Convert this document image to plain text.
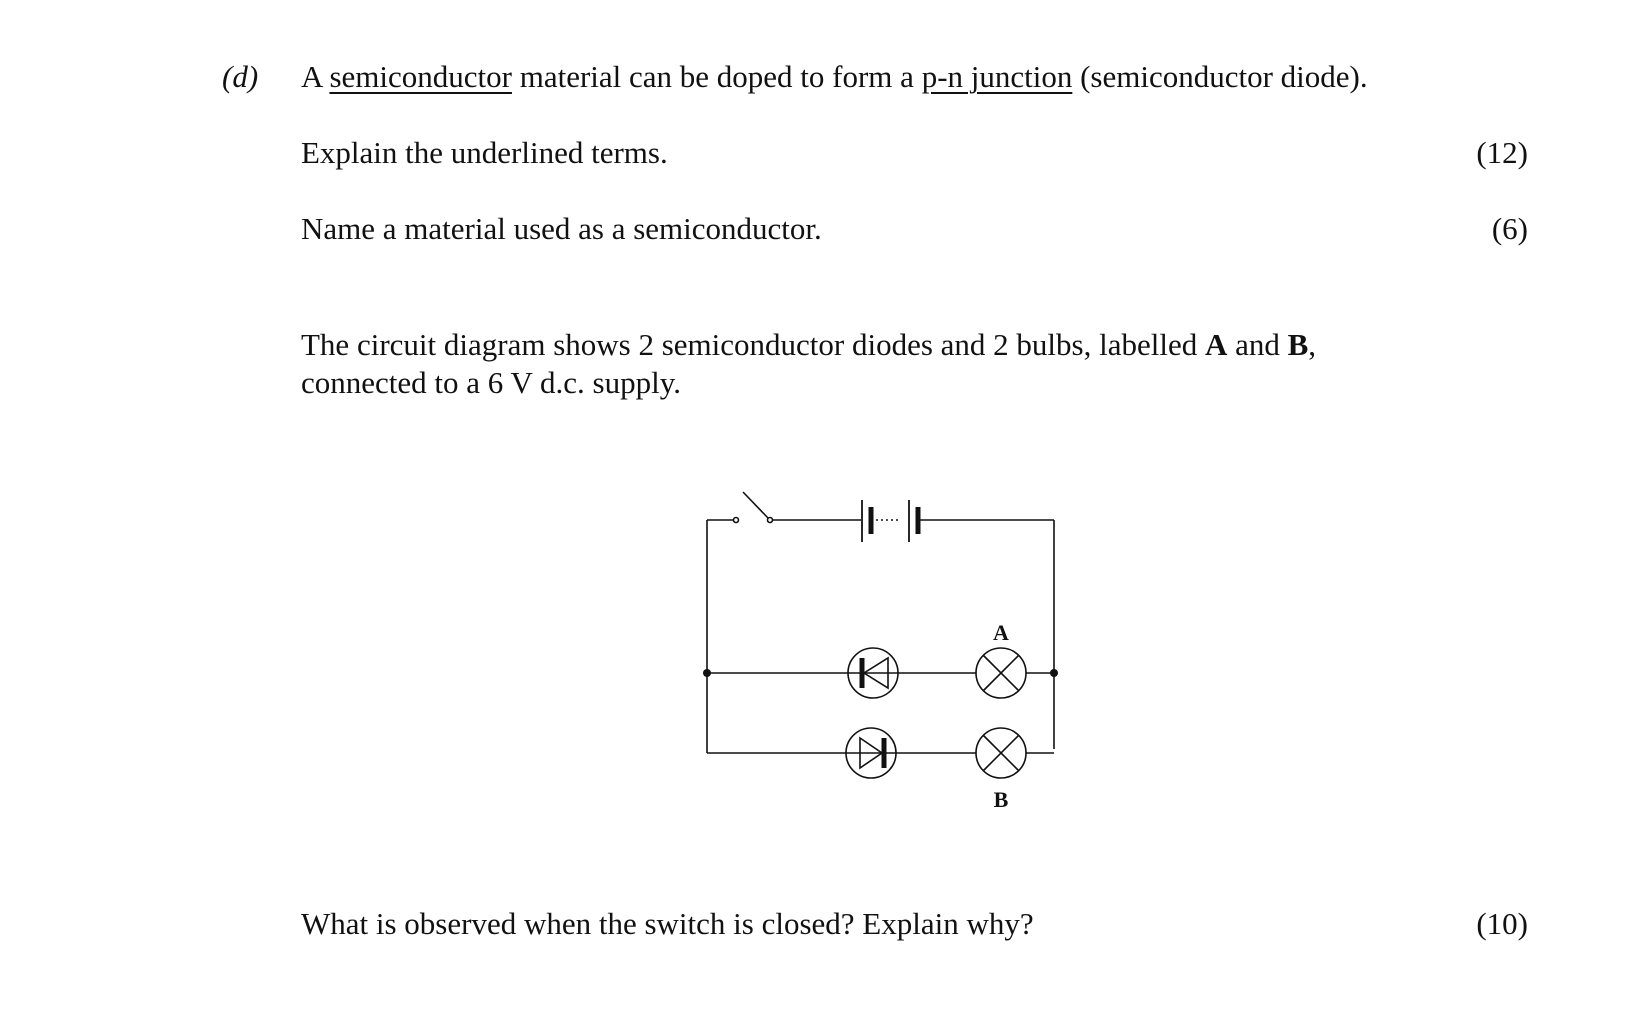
(d) A semiconductor material can be doped to form a p-n junction (semiconductor diode).
Explain the underlined terms.	(12)
Name a material used as a semiconductor.	(6)
The circuit diagram shows 2 semiconductor diodes and 2 bulbs, labelled A and B,
connected to a 6 V d.c. supply.
A
B
What is observed when the switch is closed? Explain why?	(10)
